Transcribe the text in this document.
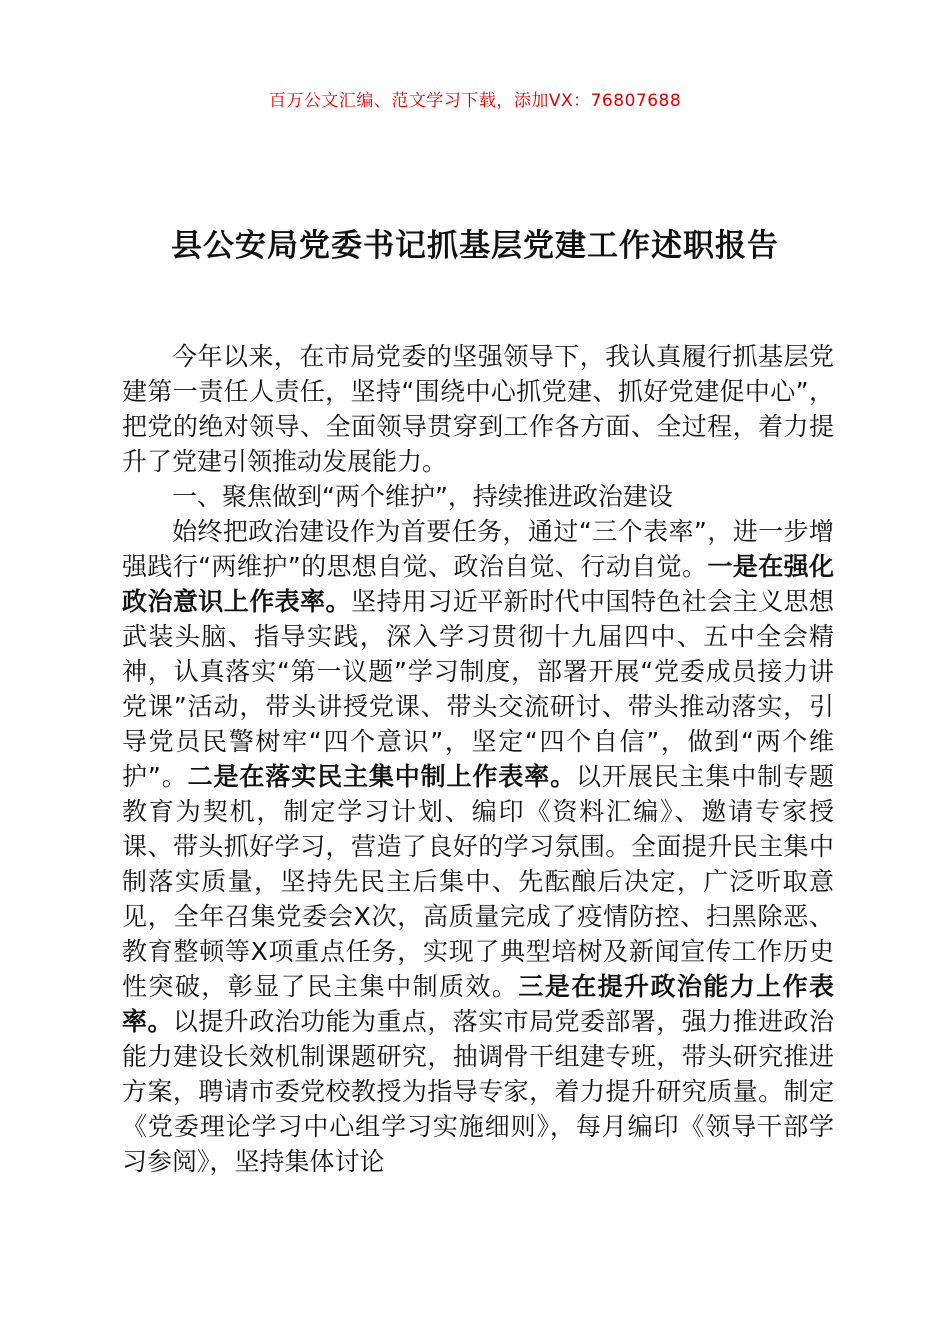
百万公文汇编、范文学习下载，添加VX：76807688
县公安局党委书记抓基层党建工作述职报告

今年以来，在市局党委的坚强领导下，我认真履行抓基层党建第一责任人责任，坚持“围绕中心抓党建、抓好党建促中心”，把党的绝对领导、全面领导贯穿到工作各方面、全过程，着力提升了党建引领推动发展能力。

一、聚焦做到“两个维护”，持续推进政治建设

始终把政治建设作为首要任务，通过“三个表率”，进一步增强践行“两维护”的思想自觉、政治自觉、行动自觉。一是在强化政治意识上作表率。坚持用习近平新时代中国特色社会主义思想武装头脑、指导实践，深入学习贯彻十九届四中、五中全会精神，认真落实“第一议题”学习制度，部署开展“党委成员接力讲党课”活动，带头讲授党课、带头交流研讨、带头推动落实，引导党员民警树牢“四个意识”，坚定“四个自信”，做到“两个维护”。二是在落实民主集中制上作表率。以开展民主集中制专题教育为契机，制定学习计划、编印《资料汇编》、邀请专家授课、带头抓好学习，营造了良好的学习氛围。全面提升民主集中制落实质量，坚持先民主后集中、先酝酿后决定，广泛听取意见，全年召集党委会X次，高质量完成了疫情防控、扫黑除恶、教育整顿等X项重点任务，实现了典型培树及新闻宣传工作历史性突破，彰显了民主集中制质效。三是在提升政治能力上作表率。以提升政治功能为重点，落实市局党委部署，强力推进政治能力建设长效机制课题研究，抽调骨干组建专班，带头研究推进方案，聘请市委党校教授为指导专家，着力提升研究质量。制定《党委理论学习中心组学习实施细则》，每月编印《领导干部学习参阅》，坚持集体讨论
